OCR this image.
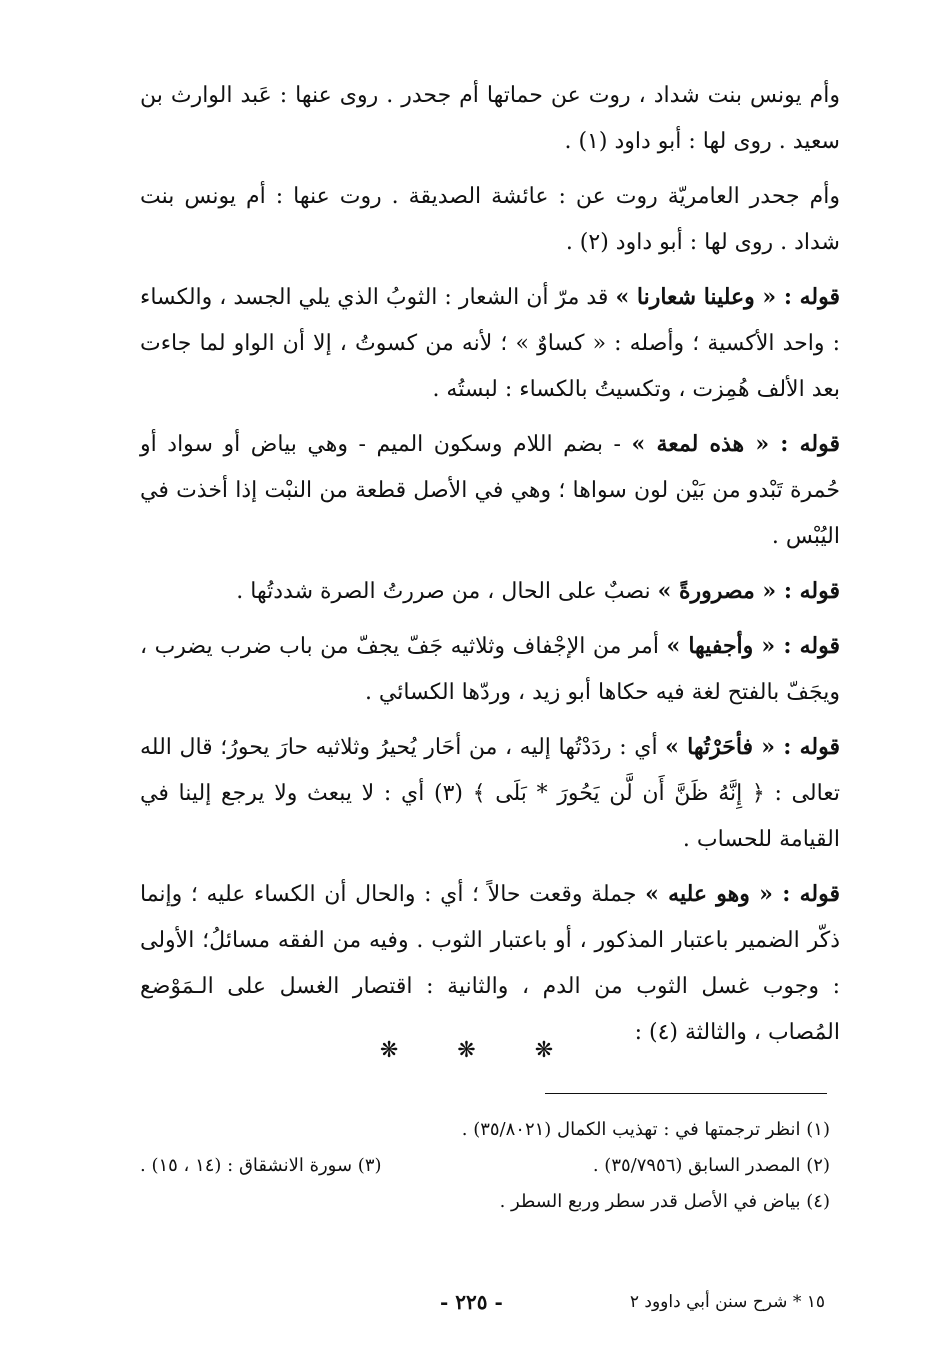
وأم يونس بنت شداد ، روت عن حماتها أم جحدر . روى عنها : عَبد الوارث بن سعيد . روى لها : أبو داود (١) .

وأم جحدر العامريّة روت عن : عائشة الصديقة . روت عنها : أم يونس بنت شداد . روى لها : أبو داود (٢) .

قوله : « وعلينا شعارنا » قد مرّ أن الشعار : الثوبُ الذي يلي الجسد ، والكساء : واحد الأكسية ؛ وأصله : « كساوٌ » ؛ لأنه من كسوتُ ، إلا أن الواو لما جاءت بعد الألف هُمِزت ، وتكسيتُ بالكساء : لبستُه .

قوله : « هذه لمعة » - بضم اللام وسكون الميم - وهي بياض أو سواد أو حُمرة تَبْدو من بَيْن لون سواها ؛ وهي في الأصل قطعة من النبْت إذا أخذت في اليُبْس .

قوله : « مصرورةً » نصبٌ على الحال ، من صررتُ الصرة شددتُها .

قوله : « وأجفيها » أمر من الإجْفاف وثلاثيه جَفّ يجفّ من باب ضرب يضرب ، ويجَفّ بالفتح لغة فيه حكاها أبو زيد ، وردّها الكسائي .

قوله : « فأحَرْتُها » أي : ردَدْتُها إليه ، من أحَار يُحيرُ وثلاثيه حارَ يحورُ؛ قال الله تعالى : ﴿ إِنَّهُ ظَنَّ أَن لَّن يَحُورَ * بَلَى ﴾ (٣) أي : لا يبعث ولا يرجع إلينا في القيامة للحساب .

قوله : « وهو عليه » جملة وقعت حالاً ؛ أي : والحال أن الكساء عليه ؛ وإنما ذكّر الضمير باعتبار المذكور ، أو باعتبار الثوب . وفيه من الفقه مسائلُ؛ الأولى : وجوب غسل الثوب من الدم ، والثانية : اقتصار الغسل على الـمَوْضع المُصاب ، والثالثة (٤) :

❋	❋	❋
(١) انظر ترجمتها في : تهذيب الكمال (٣٥/٨٠٢١) .
(٢) المصدر السابق (٣٥/٧٩٥٦) .
(٣) سورة الانشقاق : (١٤ ، ١٥) .
(٤) بياض في الأصل قدر سطر وربع السطر .
- ٢٢٥ -	١٥ * شرح سنن أبي داوود ٢
